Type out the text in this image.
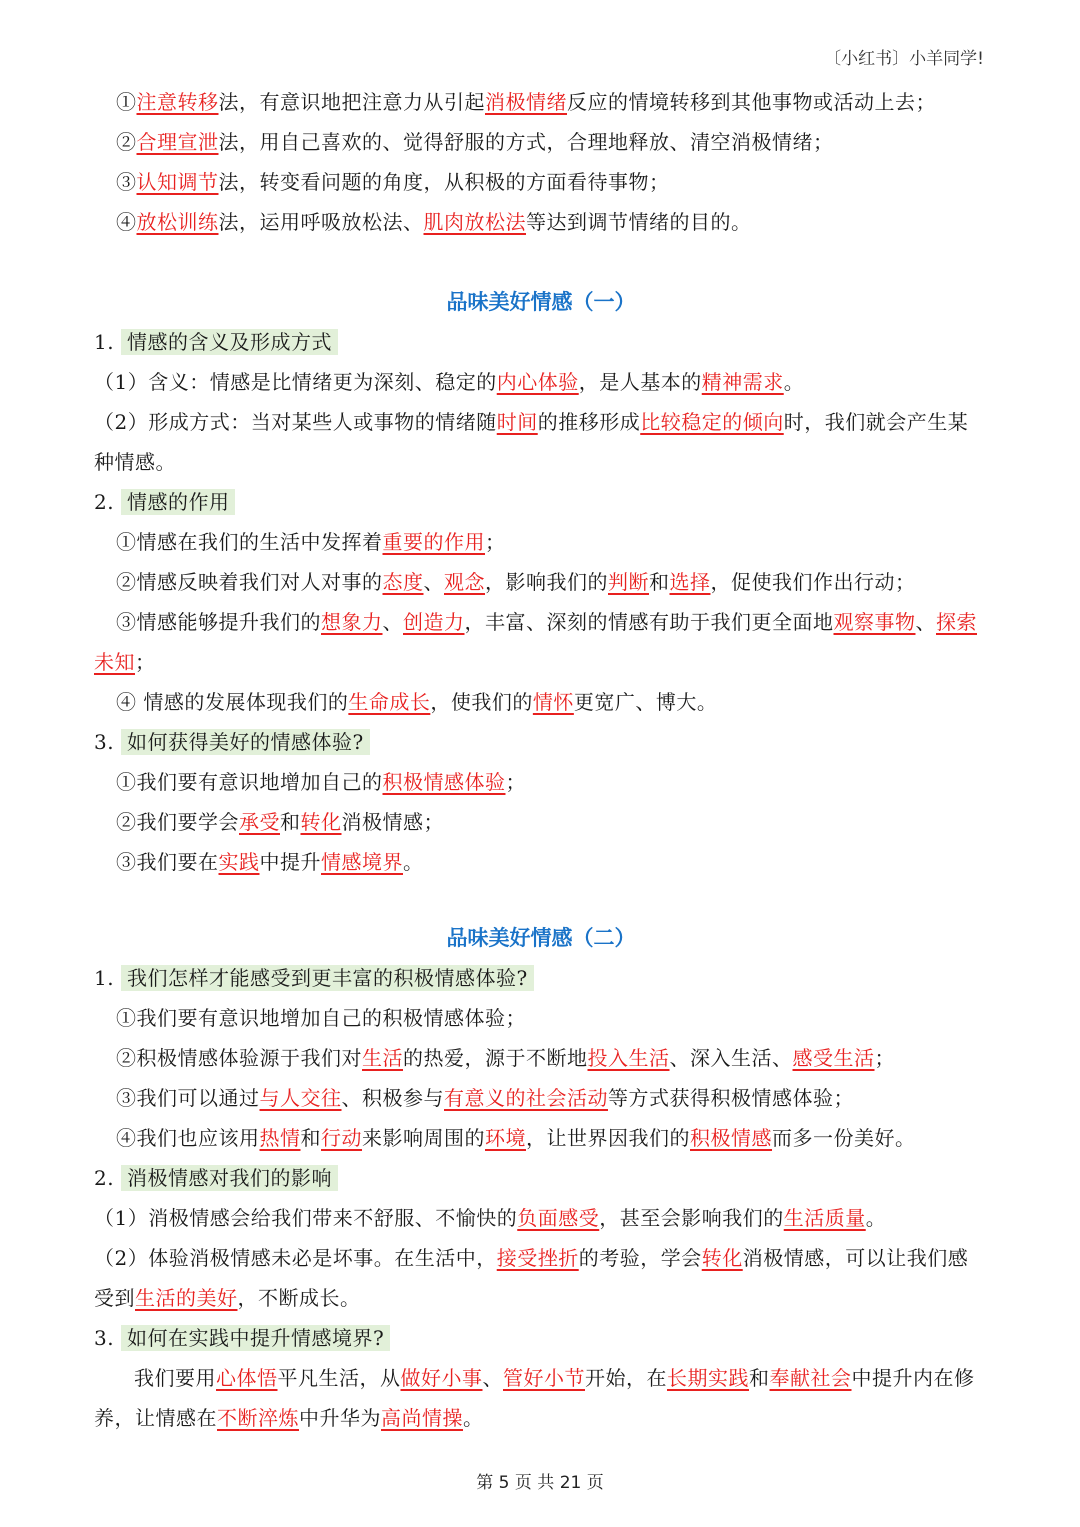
〔小红书〕小羊同学!
①注意转移法，有意识地把注意力从引起消极情绪反应的情境转移到其他事物或活动上去；
②合理宣泄法，用自己喜欢的、觉得舒服的方式，合理地释放、清空消极情绪；
③认知调节法，转变看问题的角度，从积极的方面看待事物；
④放松训练法，运用呼吸放松法、肌肉放松法等达到调节情绪的目的。
品味美好情感（一）
1. 情感的含义及形成方式
（1）含义：情感是比情绪更为深刻、稳定的内心体验，是人基本的精神需求。
（2）形成方式：当对某些人或事物的情绪随时间的推移形成比较稳定的倾向时，我们就会产生某种情感。
2. 情感的作用
①情感在我们的生活中发挥着重要的作用；
②情感反映着我们对人对事的态度、观念，影响我们的判断和选择，促使我们作出行动；
③情感能够提升我们的想象力、创造力，丰富、深刻的情感有助于我们更全面地观察事物、探索未知；
④ 情感的发展体现我们的生命成长，使我们的情怀更宽广、博大。
3. 如何获得美好的情感体验?
①我们要有意识地增加自己的积极情感体验；
②我们要学会承受和转化消极情感；
③我们要在实践中提升情感境界。
品味美好情感（二）
1. 我们怎样才能感受到更丰富的积极情感体验?
①我们要有意识地增加自己的积极情感体验；
②积极情感体验源于我们对生活的热爱，源于不断地投入生活、深入生活、感受生活；
③我们可以通过与人交往、积极参与有意义的社会活动等方式获得积极情感体验；
④我们也应该用热情和行动来影响周围的环境，让世界因我们的积极情感而多一份美好。
2. 消极情感对我们的影响
（1）消极情感会给我们带来不舒服、不愉快的负面感受，甚至会影响我们的生活质量。
（2）体验消极情感未必是坏事。在生活中，接受挫折的考验，学会转化消极情感，可以让我们感受到生活的美好，不断成长。
3. 如何在实践中提升情感境界?
我们要用心体悟平凡生活，从做好小事、管好小节开始，在长期实践和奉献社会中提升内在修养，让情感在不断淬炼中升华为高尚情操。
第 5 页 共 21 页
